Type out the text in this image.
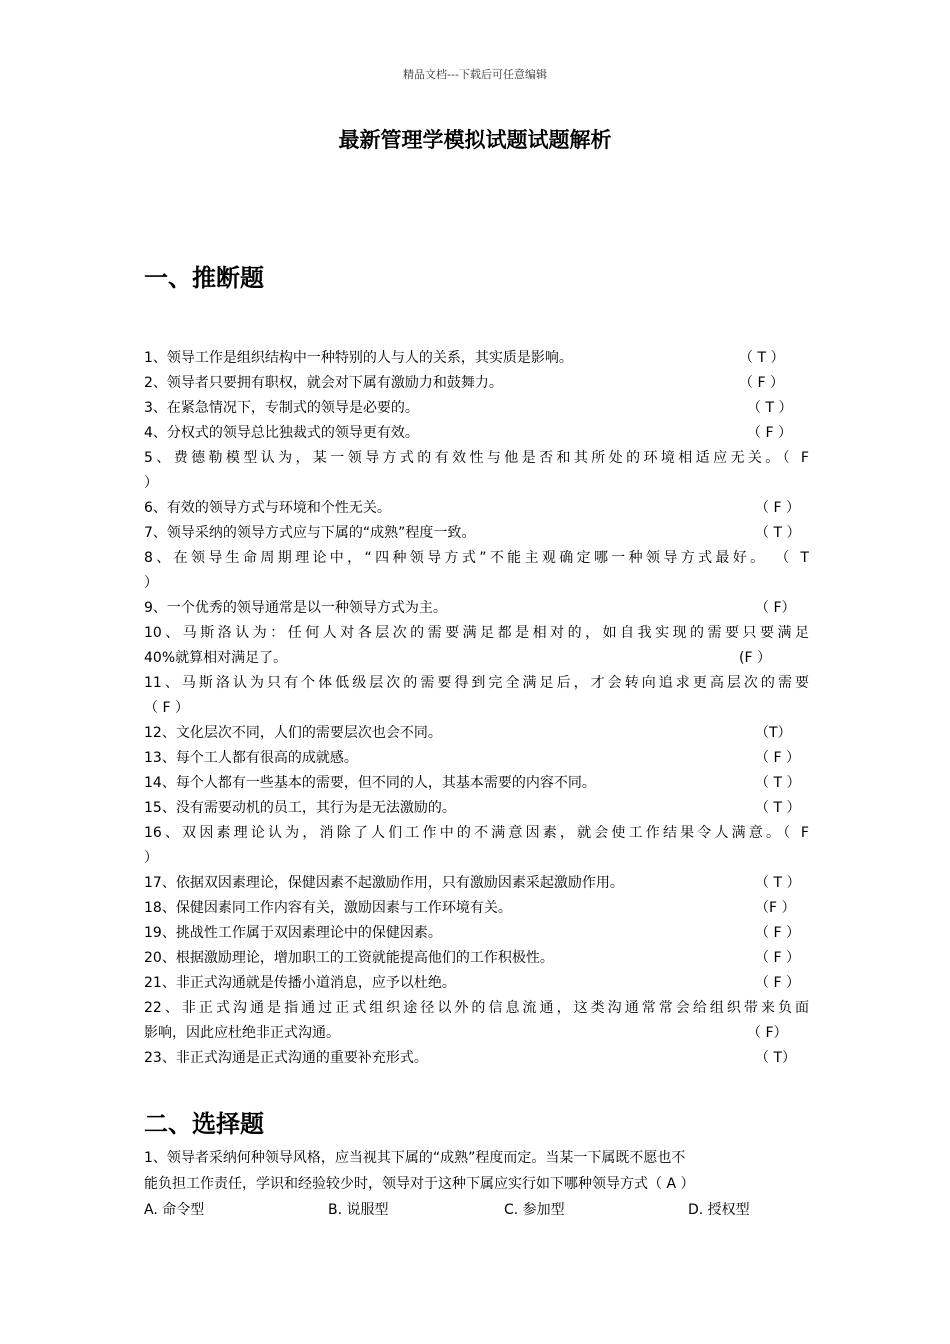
精品文档---下载后可任意编辑
最新管理学模拟试题试题解析
一、推断题
1、领导工作是组织结构中一种特别的人与人的关系，其实质是影响。	（ T ）
2、领导者只要拥有职权，就会对下属有激励力和鼓舞力。	（ F ）
3、在紧急情况下，专制式的领导是必要的。	（ T ）
4、分权式的领导总比独裁式的领导更有效。	（ F ）
5、费德勒模型认为，某一领导方式的有效性与他是否和其所处的环境相适应无关。（ F
）
6、有效的领导方式与环境和个性无关。	（ F ）
7、领导采纳的领导方式应与下属的“成熟”程度一致。	（ T ）
8、在领导生命周期理论中，“四种领导方式”不能主观确定哪一种领导方式最好。 （ T
）
9、一个优秀的领导通常是以一种领导方式为主。	（ F）
10、马斯洛认为：任何人对各层次的需要满足都是相对的，如自我实现的需要只要满足
40%就算相对满足了。	(F ）
11、马斯洛认为只有个体低级层次的需要得到完全满足后，才会转向追求更高层次的需要
（ F ）
12、文化层次不同，人们的需要层次也会不同。	（T）
13、每个工人都有很高的成就感。	（ F ）
14、每个人都有一些基本的需要，但不同的人，其基本需要的内容不同。	（ T ）
15、没有需要动机的员工，其行为是无法激励的。	（ T ）
16、双因素理论认为，消除了人们工作中的不满意因素，就会使工作结果令人满意。（ F
）
17、依据双因素理论，保健因素不起激励作用，只有激励因素采起激励作用。	（ T ）
18、保健因素同工作内容有关，激励因素与工作环境有关。	（F ）
19、挑战性工作属于双因素理论中的保健因素。	（ F ）
20、根据激励理论，增加职工的工资就能提高他们的工作积极性。	（ F ）
21、非正式沟通就是传播小道消息，应予以杜绝。	（ F ）
22、非正式沟通是指通过正式组织途径以外的信息流通，这类沟通常常会给组织带来负面
影响，因此应杜绝非正式沟通。	（ F）
23、非正式沟通是正式沟通的重要补充形式。	（ T）
二、选择题
1、领导者采纳何种领导风格，应当视其下属的“成熟”程度而定。当某一下属既不愿也不
能负担工作责任，学识和经验较少时，领导对于这种下属应实行如下哪种领导方式（ A ）
A. 命令型	B. 说服型	C. 参加型	D. 授权型
